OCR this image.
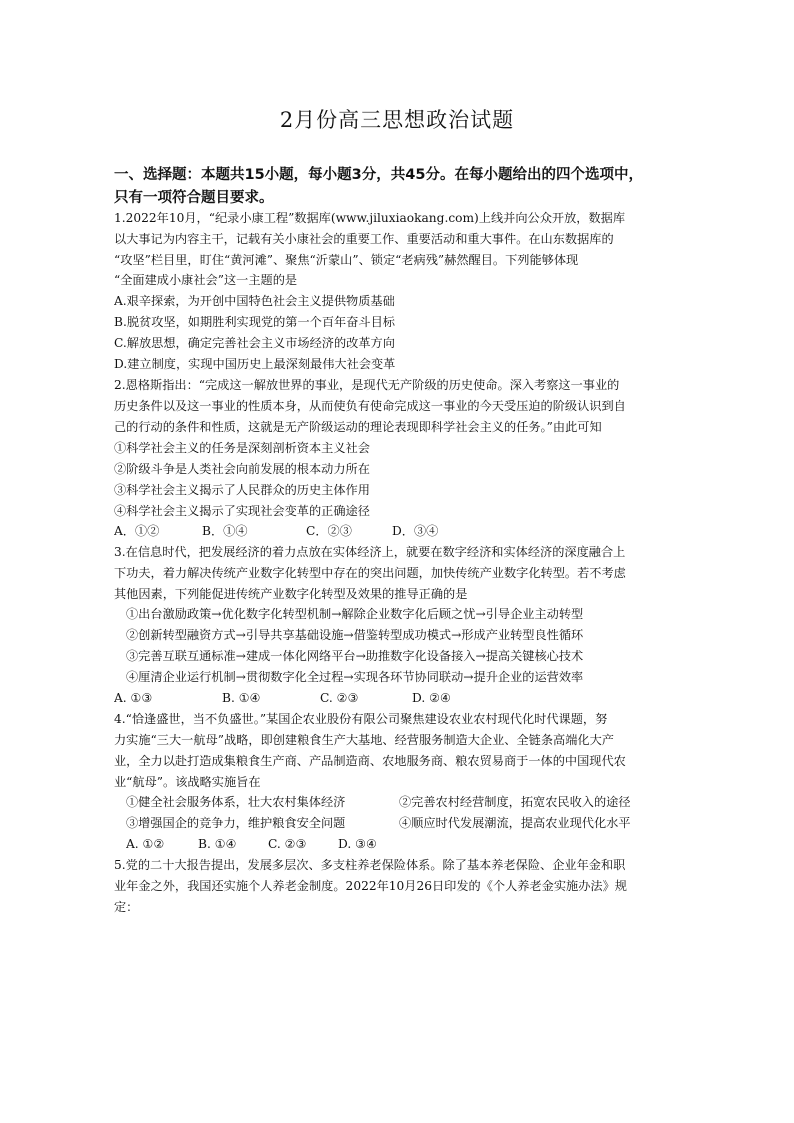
2月份高三思想政治试题
一、选择题：本题共15小题，每小题3分，共45分。在每小题给出的四个选项中，
只有一项符合题目要求。
1.2022年10月，“纪录小康工程”数据库(www.jiluxiaokang.com)上线并向公众开放，数据库
以大事记为内容主干，记载有关小康社会的重要工作、重要活动和重大事件。在山东数据库的
“攻坚”栏目里，盯住“黄河滩”、聚焦“沂蒙山”、锁定“老病残”赫然醒目。下列能够体现
“全面建成小康社会”这一主题的是
A.艰辛探索，为开创中国特色社会主义提供物质基础
B.脱贫攻坚，如期胜利实现党的第一个百年奋斗目标
C.解放思想，确定完善社会主义市场经济的改革方向
D.建立制度，实现中国历史上最深刻最伟大社会变革
2.恩格斯指出：“完成这一解放世界的事业，是现代无产阶级的历史使命。深入考察这一事业的
历史条件以及这一事业的性质本身，从而使负有使命完成这一事业的今天受压迫的阶级认识到自
己的行动的条件和性质，这就是无产阶级运动的理论表现即科学社会主义的任务。”由此可知
①科学社会主义的任务是深刻剖析资本主义社会
②阶级斗争是人类社会向前发展的根本动力所在
③科学社会主义揭示了人民群众的历史主体作用
④科学社会主义揭示了实现社会变革的正确途径
A．①②	B．①④	C．②③	D．③④
3.在信息时代，把发展经济的着力点放在实体经济上，就要在数字经济和实体经济的深度融合上
下功夫，着力解决传统产业数字化转型中存在的突出问题，加快传统产业数字化转型。若不考虑
其他因素，下列能促进传统产业数字化转型及效果的推导正确的是
①出台激励政策→优化数字化转型机制→解除企业数字化后顾之忧→引导企业主动转型
②创新转型融资方式→引导共享基础设施→借鉴转型成功模式→形成产业转型良性循环
③完善互联互通标准→建成一体化网络平台→助推数字化设备接入→提高关键核心技术
④厘清企业运行机制→贯彻数字化全过程→实现各环节协同联动→提升企业的运营效率
A. ①③	B. ①④	C. ②③	D. ②④
4.“恰逢盛世，当不负盛世。”某国企农业股份有限公司聚焦建设农业农村现代化时代课题，努
力实施“三大一航母”战略，即创建粮食生产大基地、经营服务制造大企业、全链条高端化大产
业，全力以赴打造成集粮食生产商、产品制造商、农地服务商、粮农贸易商于一体的中国现代农
业“航母”。该战略实施旨在
①健全社会服务体系，壮大农村集体经济	②完善农村经营制度，拓宽农民收入的途径
③增强国企的竞争力，维护粮食安全问题	④顺应时代发展潮流，提高农业现代化水平
A. ①②	B. ①④	C. ②③	D. ③④
5.党的二十大报告提出，发展多层次、多支柱养老保险体系。除了基本养老保险、企业年金和职
业年金之外，我国还实施个人养老金制度。2022年10月26日印发的《个人养老金实施办法》规
定：
